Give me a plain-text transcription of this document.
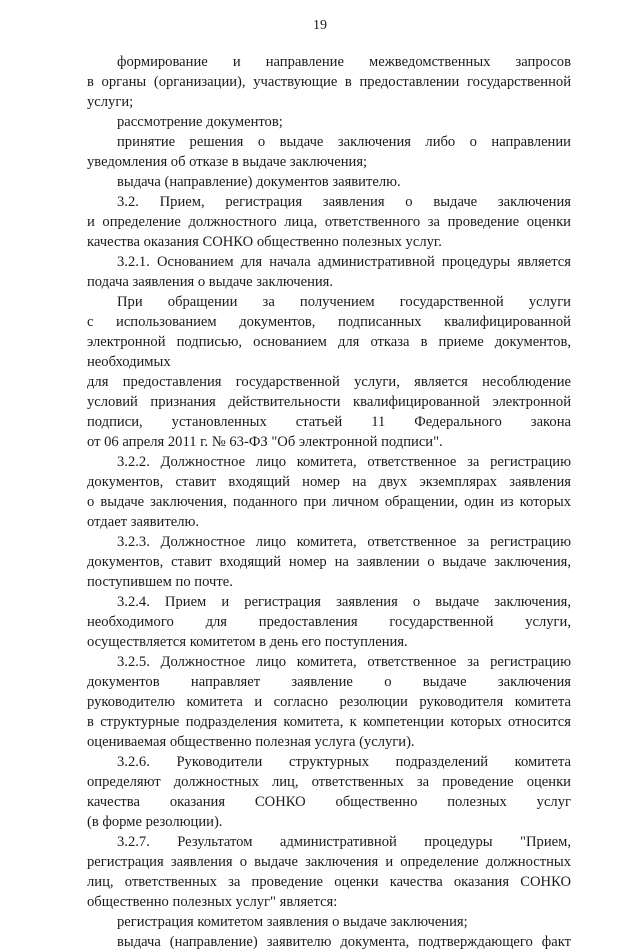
19
формирование и направление межведомственных запросов
в органы (организации), участвующие в предоставлении государственной
услуги;
рассмотрение документов;
принятие решения о выдаче заключения либо о направлении
уведомления об отказе в выдаче заключения;
выдача (направление) документов заявителю.
3.2. Прием, регистрация заявления о выдаче заключения
и определение должностного лица, ответственного за проведение оценки
качества оказания СОНКО общественно полезных услуг.
3.2.1. Основанием для начала административной процедуры является
подача заявления о выдаче заключения.
При обращении за получением государственной услуги
с использованием документов, подписанных квалифицированной
электронной подписью, основанием для отказа в приеме документов,
необходимых
для предоставления государственной услуги, является несоблюдение
условий признания действительности квалифицированной электронной
подписи, установленных статьей 11 Федерального закона
от 06 апреля 2011 г. № 63-ФЗ "Об электронной подписи".
3.2.2. Должностное лицо комитета, ответственное за регистрацию
документов, ставит входящий номер на двух экземплярах заявления
о выдаче заключения, поданного при личном обращении, один из которых
отдает заявителю.
3.2.3. Должностное лицо комитета, ответственное за регистрацию
документов, ставит входящий номер на заявлении о выдаче заключения,
поступившем по почте.
3.2.4. Прием и регистрация заявления о выдаче заключения,
необходимого для предоставления государственной услуги,
осуществляется комитетом в день его поступления.
3.2.5. Должностное лицо комитета, ответственное за регистрацию
документов направляет заявление о выдаче заключения
руководителю комитета и согласно резолюции руководителя комитета
в структурные подразделения комитета, к компетенции которых относится
оцениваемая общественно полезная услуга (услуги).
3.2.6. Руководители структурных подразделений комитета
определяют должностных лиц, ответственных за проведение оценки
качества оказания СОНКО общественно полезных услуг
(в форме резолюции).
3.2.7. Результатом административной процедуры "Прием,
регистрация заявления о выдаче заключения и определение должностных
лиц, ответственных за проведение оценки качества оказания СОНКО
общественно полезных услуг" является:
регистрация комитетом заявления о выдаче заключения;
выдача (направление) заявителю документа, подтверждающего факт
